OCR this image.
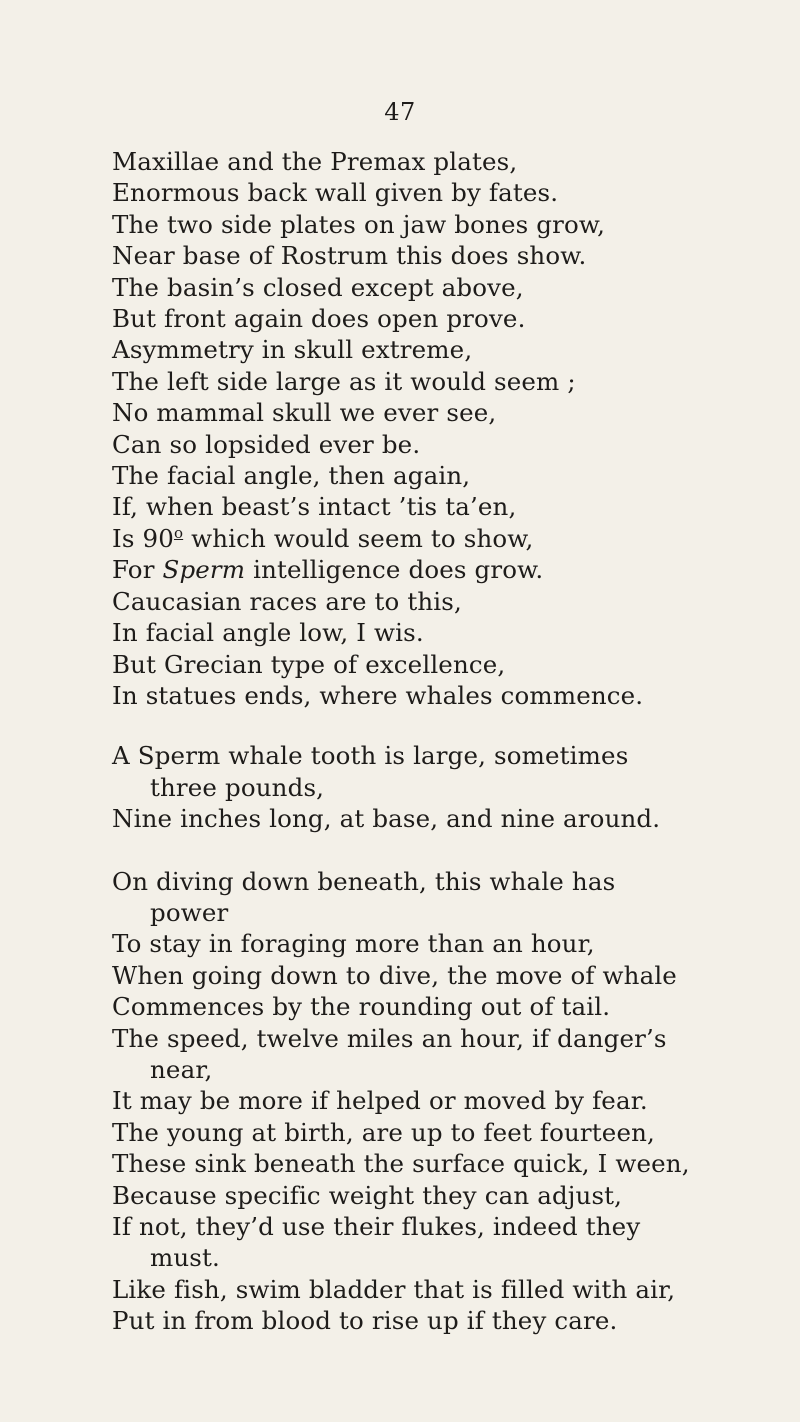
47
Maxillae and the Premax plates,
Enormous back wall given by fates.
The two side plates on jaw bones grow,
Near base of Rostrum this does show.
The basin’s closed except above,
But front again does open prove.
Asymmetry in skull extreme,
The left side large as it would seem ;
No mammal skull we ever see,
Can so lopsided ever be.
The facial angle, then again,
If, when beast’s intact ’tis ta’en,
Is 90$^o$ which would seem to show,
For Sperm intelligence does grow.
Caucasian races are to this,
In facial angle low, I wis.
But Grecian type of excellence,
In statues ends, where whales commence.
A Sperm whale tooth is large, sometimes
three pounds,
Nine inches long, at base, and nine around.
On diving down beneath, this whale has
power
To stay in foraging more than an hour,
When going down to dive, the move of whale
Commences by the rounding out of tail.
The speed, twelve miles an hour, if danger’s
near,
It may be more if helped or moved by fear.
The young at birth, are up to feet fourteen,
These sink beneath the surface quick, I ween,
Because specific weight they can adjust,
If not, they’d use their flukes, indeed they
must.
Like fish, swim bladder that is filled with air,
Put in from blood to rise up if they care.
